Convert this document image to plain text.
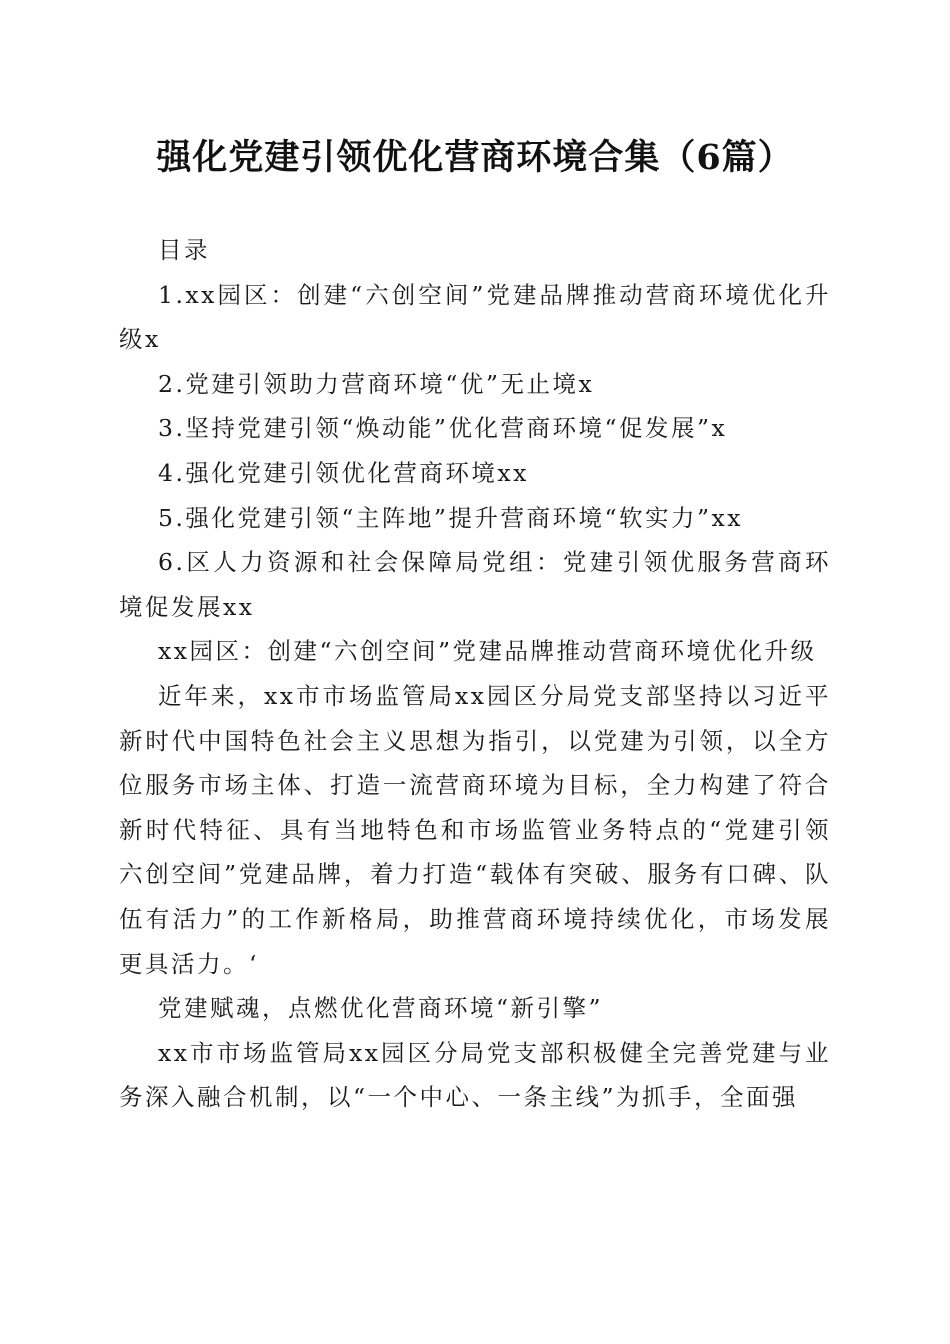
强化党建引领优化营商环境合集（6篇）

目录

1.xx园区：创建“六创空间”党建品牌推动营商环境优化升级x

2.党建引领助力营商环境“优”无止境x

3.坚持党建引领“焕动能”优化营商环境“促发展”x

4.强化党建引领优化营商环境xx

5.强化党建引领“主阵地”提升营商环境“软实力”xx

6.区人力资源和社会保障局党组：党建引领优服务营商环境促发展xx

xx园区：创建“六创空间”党建品牌推动营商环境优化升级

近年来，xx市市场监管局xx园区分局党支部坚持以习近平新时代中国特色社会主义思想为指引，以党建为引领，以全方位服务市场主体、打造一流营商环境为目标，全力构建了符合新时代特征、具有当地特色和市场监管业务特点的“党建引领六创空间”党建品牌，着力打造“载体有突破、服务有口碑、队伍有活力”的工作新格局，助推营商环境持续优化，市场发展更具活力。‘

党建赋魂，点燃优化营商环境“新引擎”

xx市市场监管局xx园区分局党支部积极健全完善党建与业务深入融合机制，以“一个中心、一条主线”为抓手，全面强
